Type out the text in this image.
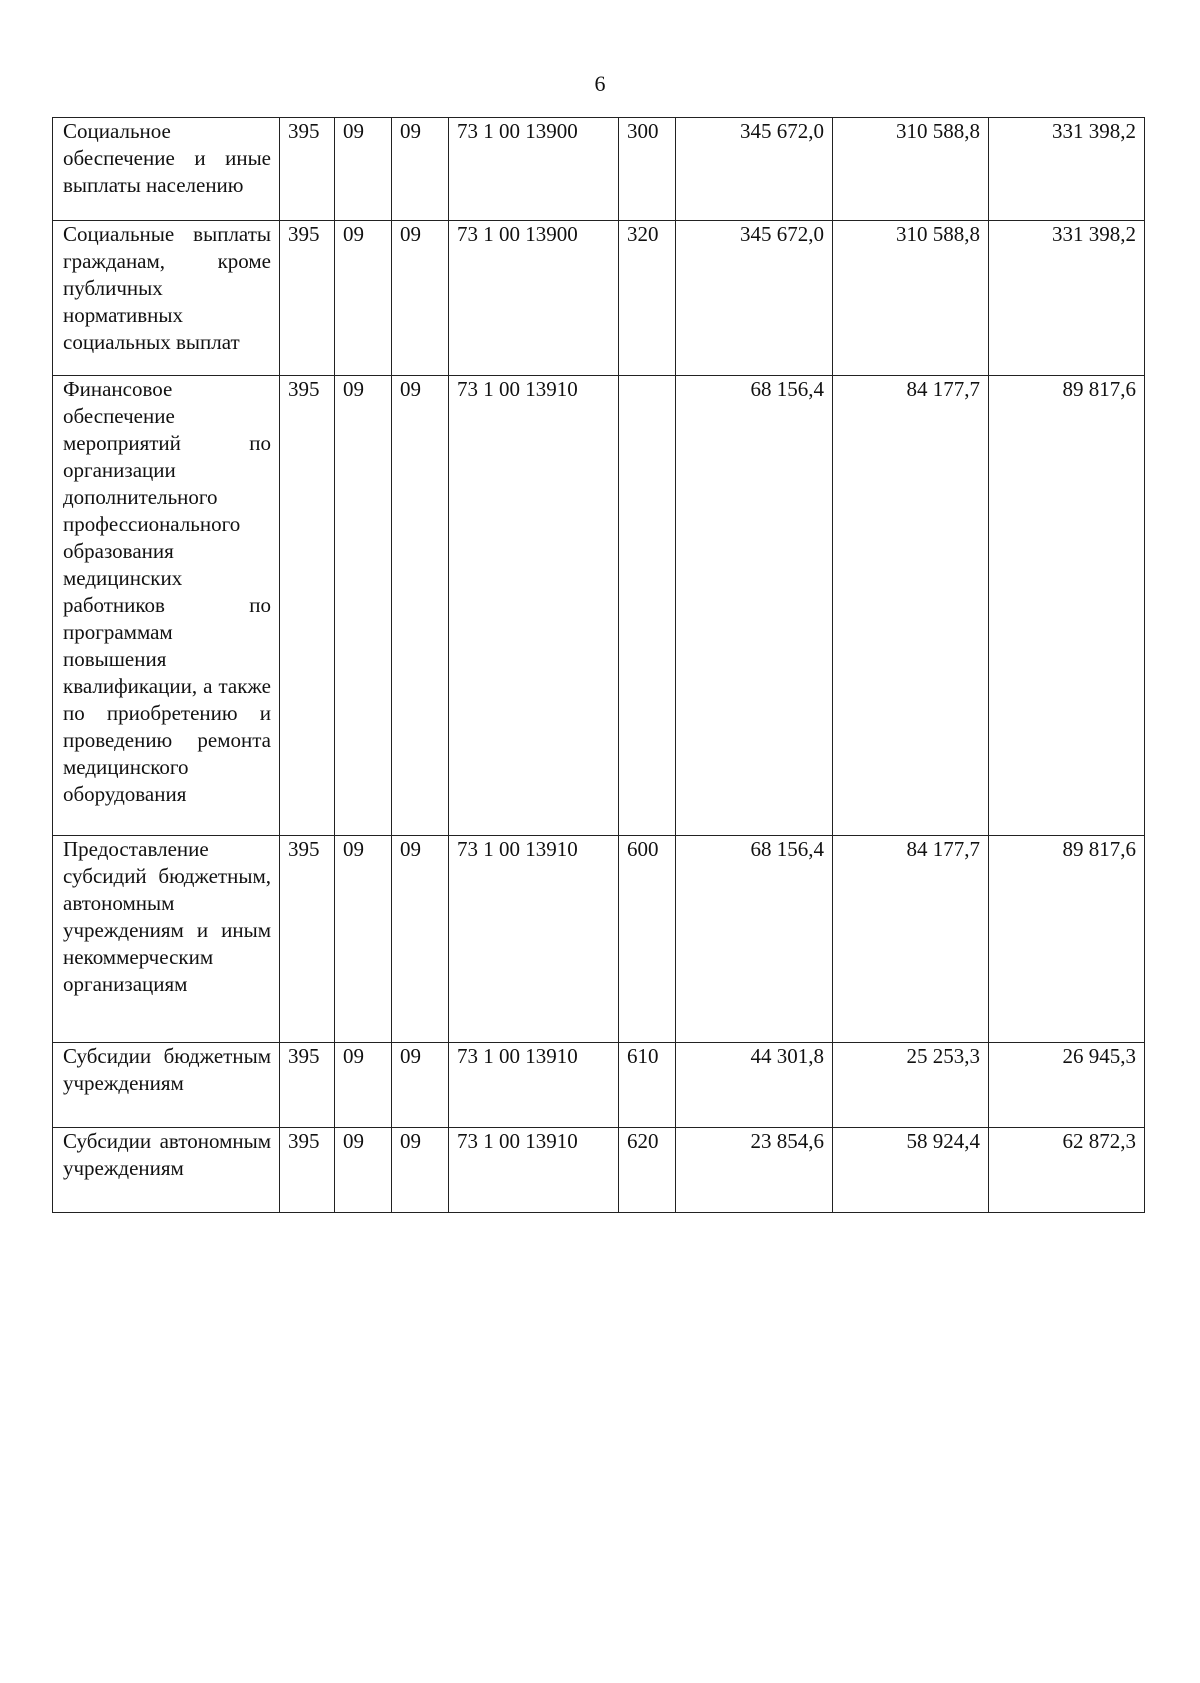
6
Социальное обеспечение и иные выплаты населению	395	09	09	73 1 00 13900	300	345 672,0	310 588,8	331 398,2
Социальные выплаты гражданам, кроме публичных нормативных социальных выплат	395	09	09	73 1 00 13900	320	345 672,0	310 588,8	331 398,2
Финансовое обеспечение мероприятий по организации дополнительного профессионального образования медицинских работников по программам повышения квалификации, а также по приобретению и проведению ремонта медицинского оборудования	395	09	09	73 1 00 13910		68 156,4	84 177,7	89 817,6
Предоставление субсидий бюджетным, автономным учреждениям и иным некоммерческим организациям	395	09	09	73 1 00 13910	600	68 156,4	84 177,7	89 817,6
Субсидии бюджетным учреждениям	395	09	09	73 1 00 13910	610	44 301,8	25 253,3	26 945,3
Субсидии автономным учреждениям	395	09	09	73 1 00 13910	620	23 854,6	58 924,4	62 872,3
